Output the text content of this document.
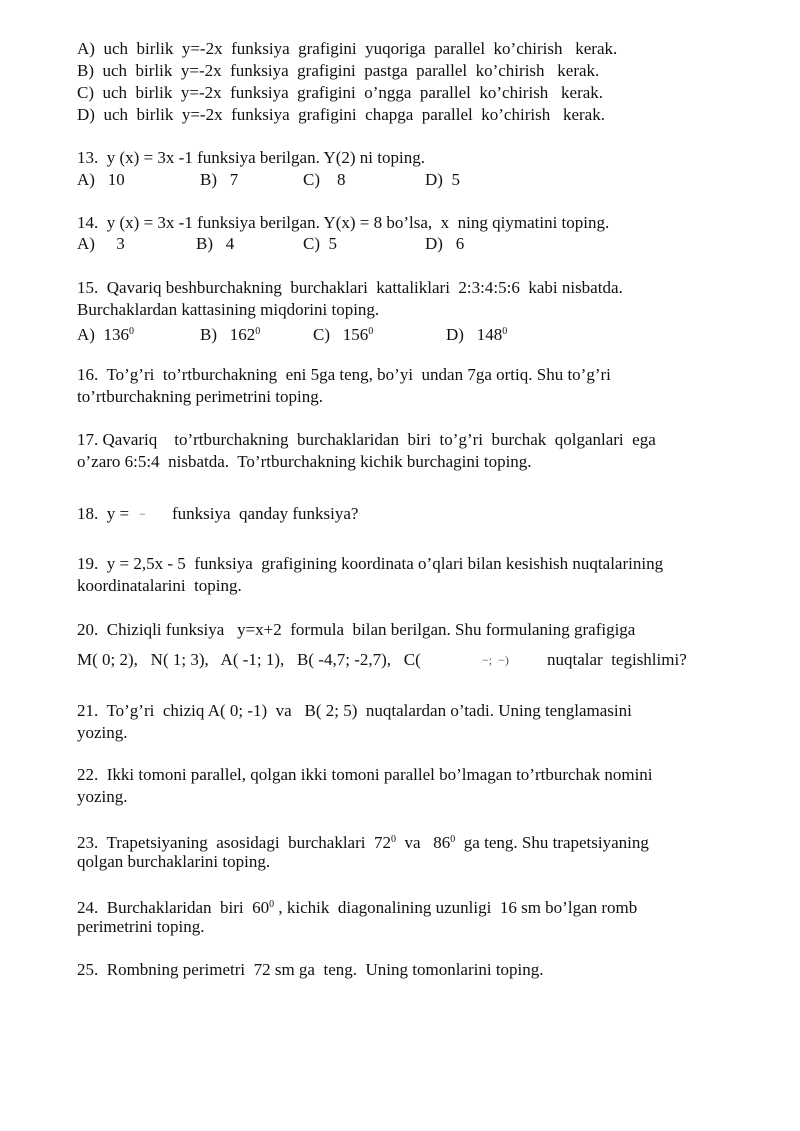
A) uch  birlik  y=-2x  funksiya  grafigini  yuqoriga  parallel  ko’chirish   kerak.
B) uch  birlik  y=-2x  funksiya  grafigini  pastga  parallel  ko’chirish   kerak.
C) uch  birlik  y=-2x  funksiya  grafigini  o’ngga  parallel  ko’chirish   kerak.
D) uch  birlik  y=-2x  funksiya  grafigini  chapga  parallel  ko’chirish   kerak.
13.  y (x) = 3x -1 funksiya berilgan. Y(2) ni toping.
A)   10	B)   7	C)    8	D)  5
14.  y (x) = 3x -1 funksiya berilgan. Y(x) = 8 bo’lsa,  x  ning qiymatini toping.
A)     3	B)   4	C)  5	D)   6
15.  Qavariq beshburchakning  burchaklari  kattaliklari  2:3:4:5:6  kabi nisbatda.
Burchaklardan kattasining miqdorini toping.
A)  $136^0$	B)   $162^0$	C)   $156^0$	D)   $148^0$
16.  To’g’ri  to’rtburchakning  eni 5ga teng, bo’yi  undan 7ga ortiq. Shu to’g’ri
to’rtburchakning perimetrini toping.
17. Qavariq    to’rtburchakning  burchaklaridan  biri  to’g’ri  burchak  qolganlari  ega
o’zaro 6:5:4  nisbatda.  To’rtburchakning kichik burchagini toping.
18.  y = − funksiya  qanday funksiya?
19.  y = 2,5x - 5  funksiya  grafigining koordinata o’qlari bilan kesishish nuqtalarining
koordinatalarini  toping.
20.  Chiziqli funksiya   y=x+2  formula  bilan berilgan. Shu formulaning grafigiga
M( 0; 2),   N( 1; 3),   A( -1; 1),   B( -4,7; -2,7),   C(	−;  −) nuqtalar  tegishlimi?
21.  To’g’ri  chiziq A( 0; -1)  va   B( 2; 5)  nuqtalardan o’tadi. Uning tenglamasini
yozing.
22.  Ikki tomoni parallel, qolgan ikki tomoni parallel bo’lmagan to’rtburchak nomini
yozing.
23.  Trapetsiyaning  asosidagi  burchaklari  $72^0$  va   $86^0$  ga teng. Shu trapetsiyaning
qolgan burchaklarini toping.
24.  Burchaklaridan  biri  $60^0$ , kichik  diagonalining uzunligi  16 sm bo’lgan romb
perimetrini toping.
25.  Rombning perimetri  72 sm ga  teng.  Uning tomonlarini toping.
